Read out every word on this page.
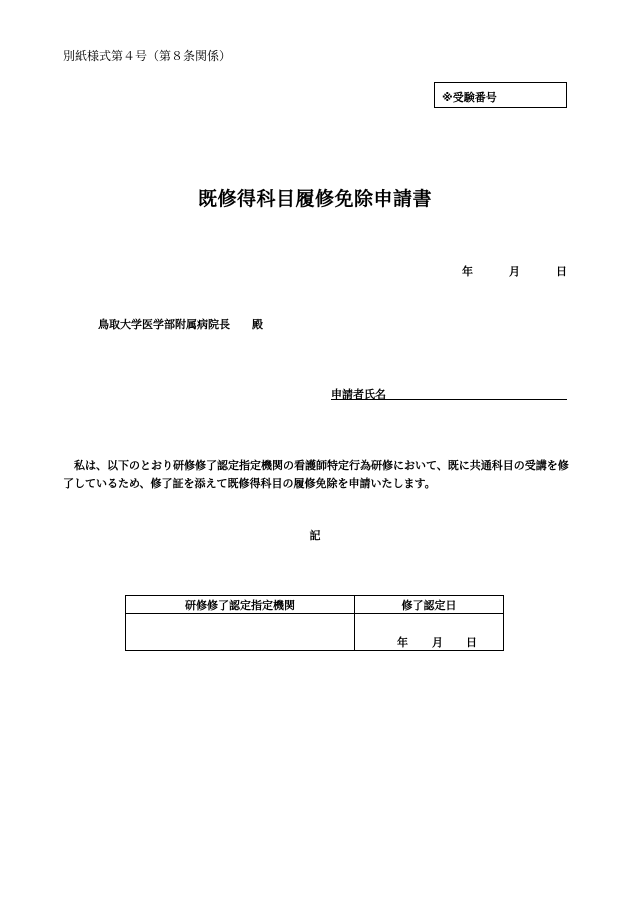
別紙様式第４号（第８条関係）
※受験番号
既修得科目履修免除申請書
年	月	日
鳥取大学医学部附属病院長 殿
申請者氏名
私は、以下のとおり研修修了認定指定機関の看護師特定行為研修において、既に共通科目の受講を修了しているため、修了証を添えて既修得科目の履修免除を申請いたします。
記
研修修了認定指定機関	修了認定日

	年 月 日
